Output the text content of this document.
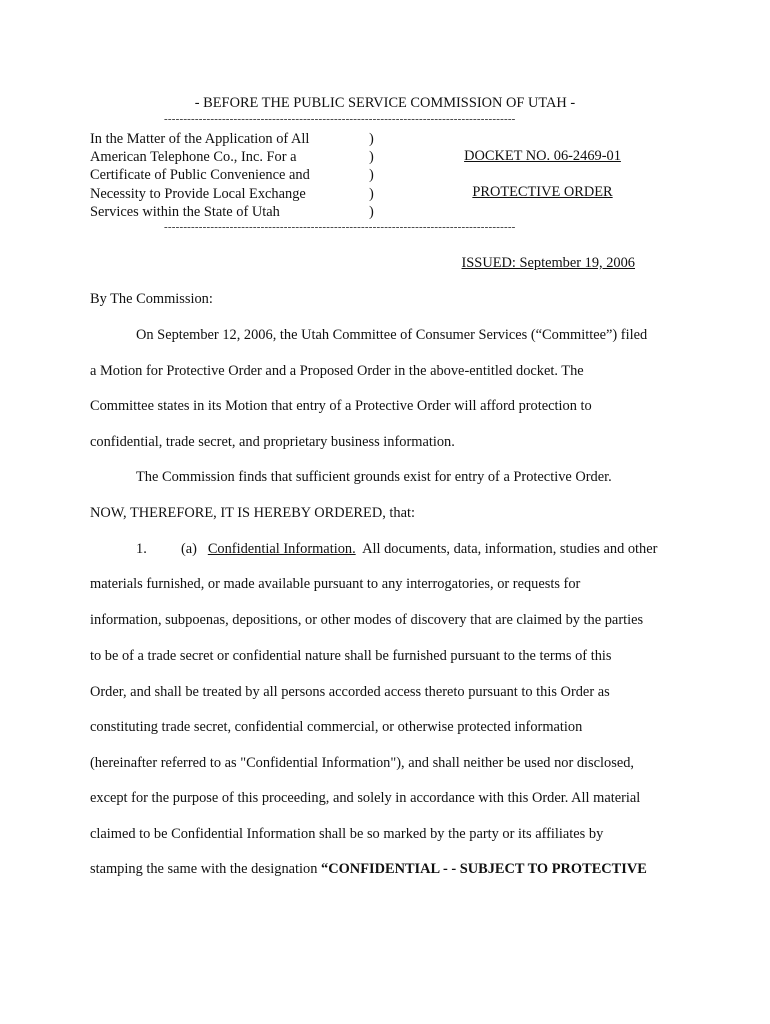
- BEFORE THE PUBLIC SERVICE COMMISSION OF UTAH -
-------------------------------------------------------------------------------------------
In the Matter of the Application of All
American Telephone Co., Inc. For a
Certificate of Public Convenience and
Necessity to Provide Local Exchange
Services within the State of Utah
)
)
)
)
)
DOCKET NO. 06-2469-01
PROTECTIVE ORDER
-------------------------------------------------------------------------------------------
ISSUED: September 19, 2006
By The Commission:
On September 12, 2006, the Utah Committee of Consumer Services (“Committee”) filed
a Motion for Protective Order and a Proposed Order in the above-entitled docket. The
Committee states in its Motion that entry of a Protective Order will afford protection to
confidential, trade secret, and proprietary business information.
The Commission finds that sufficient grounds exist for entry of a Protective Order.
NOW, THEREFORE, IT IS HEREBY ORDERED, that:
1. (a) Confidential Information.  All documents, data, information, studies and other
materials furnished, or made available pursuant to any interrogatories, or requests for
information, subpoenas, depositions, or other modes of discovery that are claimed by the parties
to be of a trade secret or confidential nature shall be furnished pursuant to the terms of this
Order, and shall be treated by all persons accorded access thereto pursuant to this Order as
constituting trade secret, confidential commercial, or otherwise protected information
(hereinafter referred to as "Confidential Information"), and shall neither be used nor disclosed,
except for the purpose of this proceeding, and solely in accordance with this Order. All material
claimed to be Confidential Information shall be so marked by the party or its affiliates by
stamping the same with the designation “CONFIDENTIAL - - SUBJECT TO PROTECTIVE
